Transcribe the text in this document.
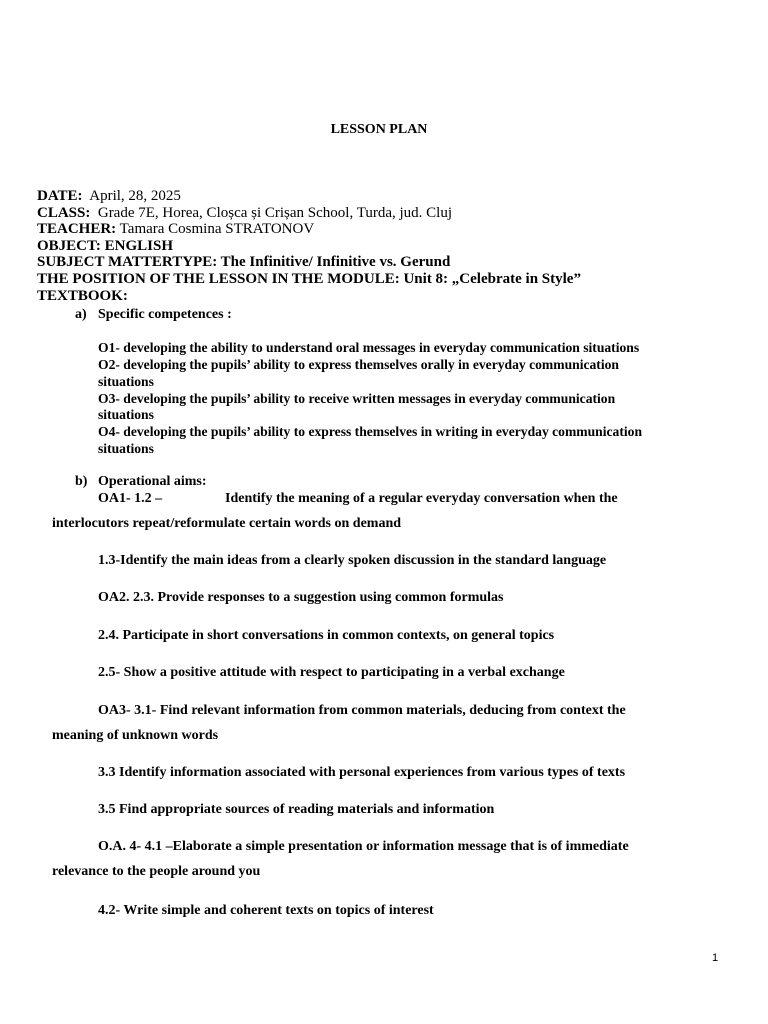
LESSON PLAN
DATE: April, 28, 2025
CLASS: Grade 7E, Horea, Cloșca și Crișan School, Turda, jud. Cluj
TEACHER: Tamara Cosmina STRATONOV
OBJECT: ENGLISH
SUBJECT MATTERTYPE: The Infinitive/ Infinitive vs. Gerund
THE POSITION OF THE LESSON IN THE MODULE: Unit 8: „Celebrate in Style”
TEXTBOOK:
a) Specific competences :
O1- developing the ability to understand oral messages in everyday communication situations
O2- developing the pupils’ ability to express themselves orally in everyday communication
situations
O3- developing the pupils’ ability to receive written messages in everyday communication
situations
O4- developing the pupils’ ability to express themselves in writing in everyday communication
situations
b) Operational aims:
OA1- 1.2 –	Identify the meaning of a regular everyday conversation when the
interlocutors repeat/reformulate certain words on demand
1.3-Identify the main ideas from a clearly spoken discussion in the standard language
OA2. 2.3. Provide responses to a suggestion using common formulas
2.4. Participate in short conversations in common contexts, on general topics
2.5- Show a positive attitude with respect to participating in a verbal exchange
OA3- 3.1- Find relevant information from common materials, deducing from context the
meaning of unknown words
3.3 Identify information associated with personal experiences from various types of texts
3.5 Find appropriate sources of reading materials and information
O.A. 4- 4.1 –Elaborate a simple presentation or information message that is of immediate
relevance to the people around you
4.2- Write simple and coherent texts on topics of interest
1
